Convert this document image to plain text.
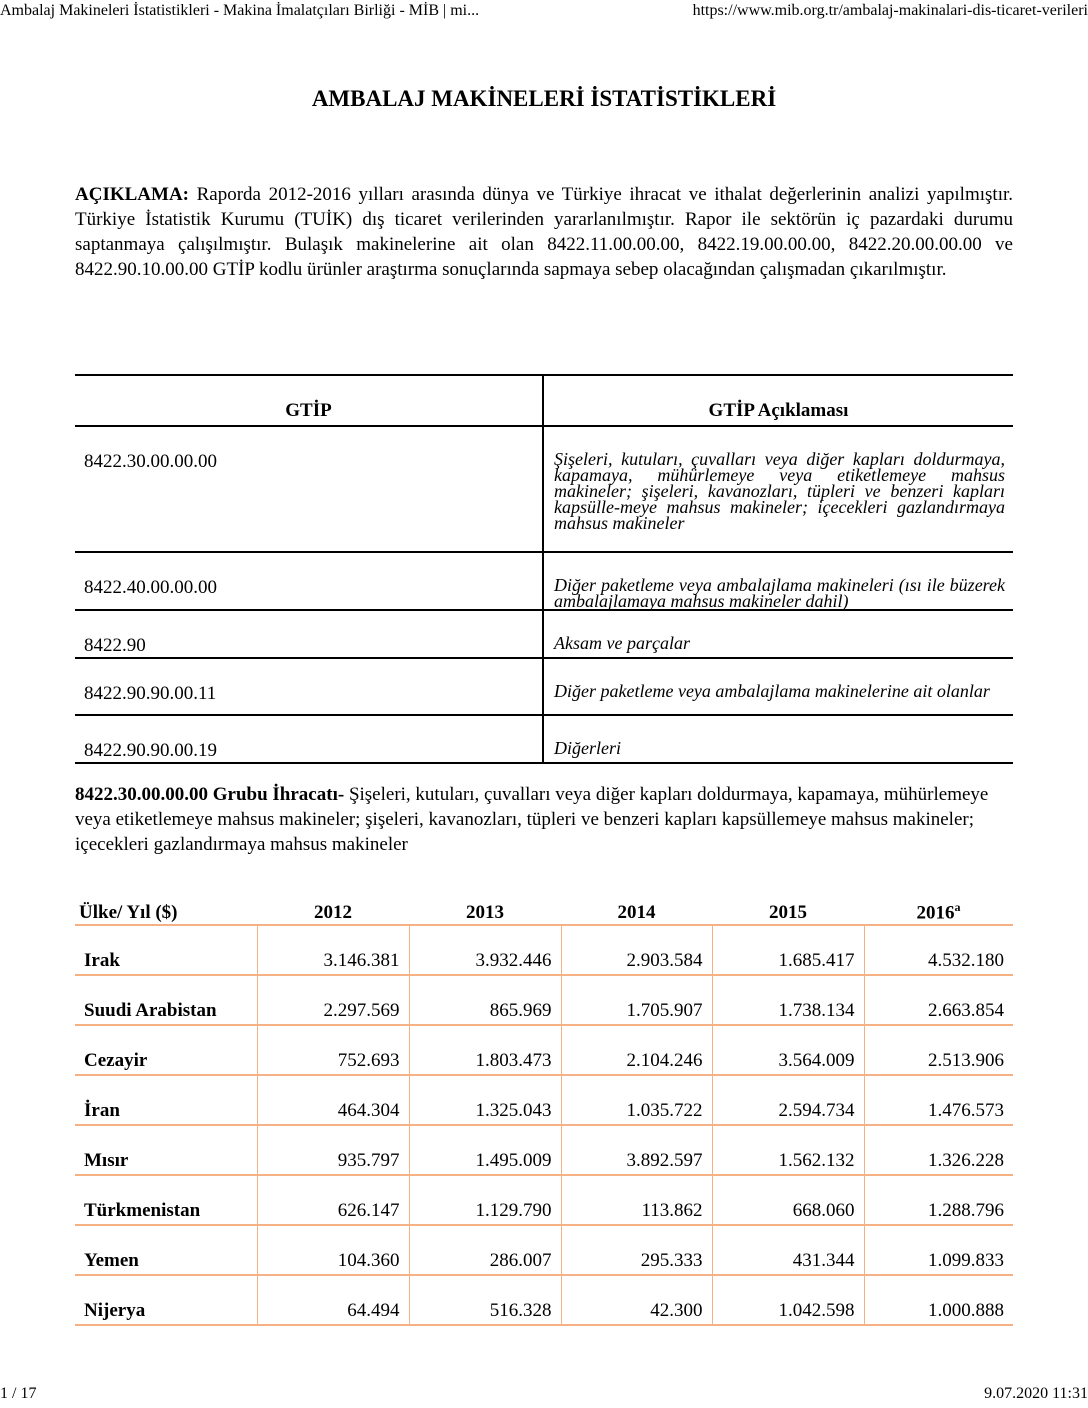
Ambalaj Makineleri İstatistikleri - Makina İmalatçıları Birliği - MİB | mi...	https://www.mib.org.tr/ambalaj-makinalari-dis-ticaret-verileri
AMBALAJ MAKİNELERİ İSTATİSTİKLERİ

AÇIKLAMA: Raporda 2012-2016 yılları arasında dünya ve Türkiye ihracat ve ithalat değerlerinin analizi yapılmıştır. Türkiye İstatistik Kurumu (TUİK) dış ticaret verilerinden yararlanılmıştır. Rapor ile sektörün iç pazardaki durumu saptanmaya çalışılmıştır. Bulaşık makinelerine ait olan 8422.11.00.00.00, 8422.19.00.00.00, 8422.20.00.00.00 ve 8422.90.10.00.00 GTİP kodlu ürünler araştırma sonuçlarında sapmaya sebep olacağından çalışmadan çıkarılmıştır.

GTİP	GTİP Açıklaması
8422.30.00.00.00	Şişeleri, kutuları, çuvalları veya diğer kapları doldurmaya, kapamaya, mühürlemeye veya etiketlemeye mahsus makineler; şişeleri, kavanozları, tüpleri ve benzeri kapları kapsülle-meye mahsus makineler; içecekleri gazlandırmaya mahsus makineler
8422.40.00.00.00	Diğer paketleme veya ambalajlama makineleri (ısı ile büzerek ambalajlamaya mahsus makineler dahil)
8422.90	Aksam ve parçalar
8422.90.90.00.11	Diğer paketleme veya ambalajlama makinelerine ait olanlar
8422.90.90.00.19	Diğerleri

8422.30.00.00.00 Grubu İhracatı- Şişeleri, kutuları, çuvalları veya diğer kapları doldurmaya, kapamaya, mühürlemeye veya etiketlemeye mahsus makineler; şişeleri, kavanozları, tüpleri ve benzeri kapları kapsüllemeye mahsus makineler; içecekleri gazlandırmaya mahsus makineler

Ülke/ Yıl ($)	2012	2013	2014	2015	2016$^a$
Irak	3.146.381	3.932.446	2.903.584	1.685.417	4.532.180
Suudi Arabistan	2.297.569	865.969	1.705.907	1.738.134	2.663.854
Cezayir	752.693	1.803.473	2.104.246	3.564.009	2.513.906
İran	464.304	1.325.043	1.035.722	2.594.734	1.476.573
Mısır	935.797	1.495.009	3.892.597	1.562.132	1.326.228
Türkmenistan	626.147	1.129.790	113.862	668.060	1.288.796
Yemen	104.360	286.007	295.333	431.344	1.099.833
Nijerya	64.494	516.328	42.300	1.042.598	1.000.888
1 / 17	9.07.2020 11:31
